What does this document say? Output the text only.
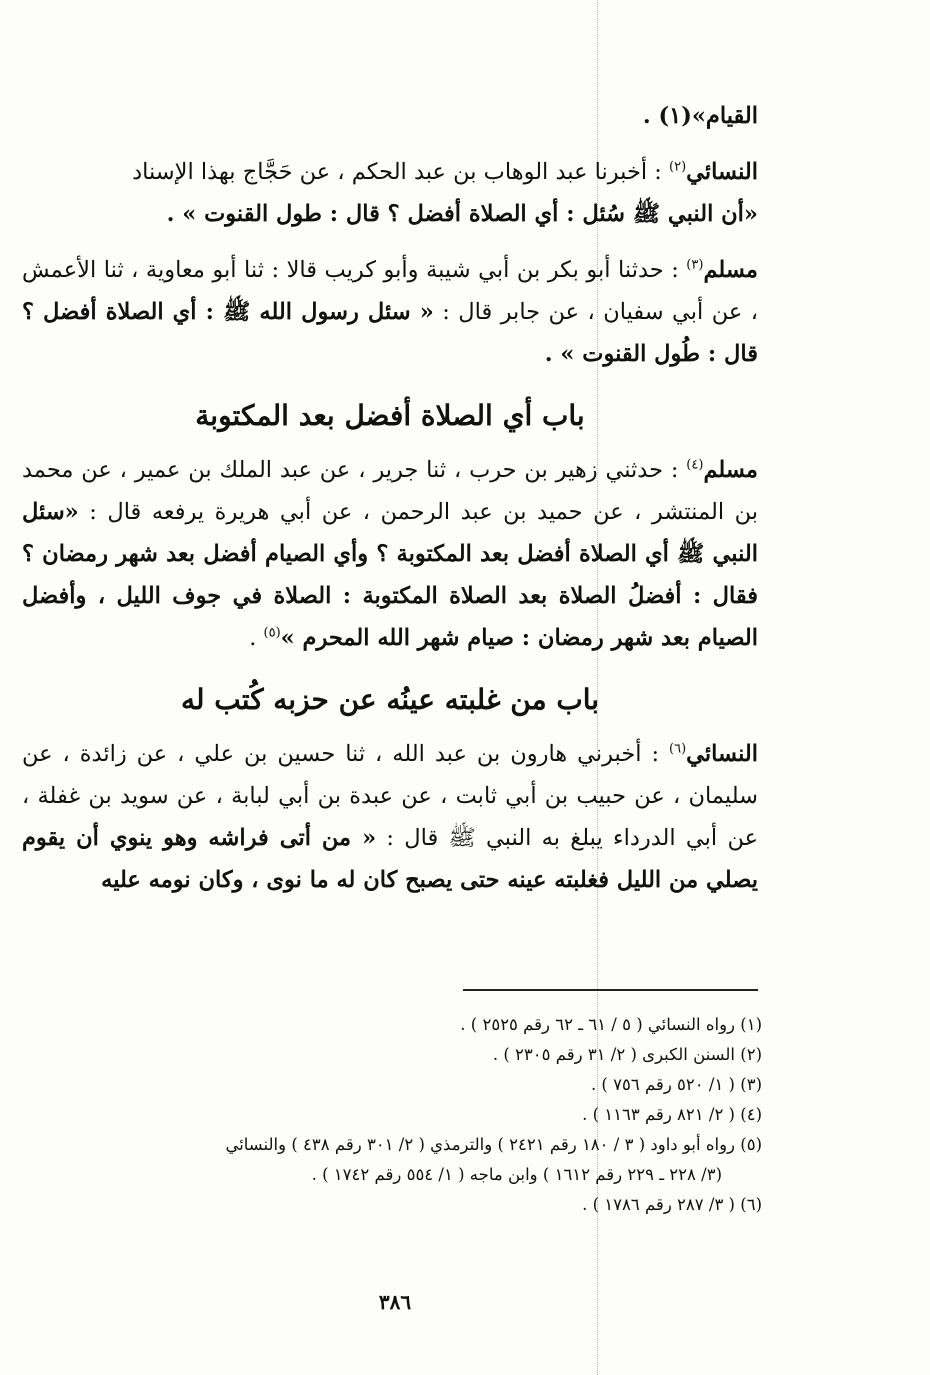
القيام»(١) .

النسائي$^{(٢)}$ : أخبرنا عبد الوهاب بن عبد الحكم ، عن حَجَّاج بهذا الإسناد
«أن النبي ﷺ سُئل : أي الصلاة أفضل ؟ قال : طول القنوت » .

مسلم$^{(٣)}$ : حدثنا أبو بكر بن أبي شيبة وأبو كريب قالا : ثنا أبو معاوية ، ثنا الأعمش ، عن أبي سفيان ، عن جابر قال : « سئل رسول الله ﷺ : أي الصلاة أفضل ؟ قال : طُول القنوت » .

باب أي الصلاة أفضل بعد المكتوبة

مسلم$^{(٤)}$ : حدثني زهير بن حرب ، ثنا جرير ، عن عبد الملك بن عمير ، عن محمد بن المنتشر ، عن حميد بن عبد الرحمن ، عن أبي هريرة يرفعه قال : «سئل النبي ﷺ أي الصلاة أفضل بعد المكتوبة ؟ وأي الصيام أفضل بعد شهر رمضان ؟ فقال : أفضلُ الصلاة بعد الصلاة المكتوبة : الصلاة في جوف الليل ، وأفضل الصيام بعد شهر رمضان : صيام شهر الله المحرم »$^{(٥)}$ .

باب من غلبته عينُه عن حزبه كُتب له

النسائي$^{(٦)}$ : أخبرني هارون بن عبد الله ، ثنا حسين بن علي ، عن زائدة ، عن سليمان ، عن حبيب بن أبي ثابت ، عن عبدة بن أبي لبابة ، عن سويد بن غفلة ، عن أبي الدرداء يبلغ به النبي ﷺ قال : « من أتى فراشه وهو ينوي أن يقوم يصلي من الليل فغلبته عينه حتى يصبح كان له ما نوى ، وكان نومه عليه

(١) رواه النسائي ( ٥ / ٦١ ـ ٦٢ رقم ٢٥٢٥ ) .
(٢) السنن الكبرى ( ٢/ ٣١ رقم ٢٣٠٥ ) .
(٣) ( ١/ ٥٢٠ رقم ٧٥٦ ) .
(٤) ( ٢/ ٨٢١ رقم ١١٦٣ ) .
(٥) رواه أبو داود ( ٣ / ١٨٠ رقم ٢٤٢١ ) والترمذي ( ٢/ ٣٠١ رقم ٤٣٨ ) والنسائي
(٣/ ٢٢٨ ـ ٢٢٩ رقم ١٦١٢ ) وابن ماجه ( ١/ ٥٥٤ رقم ١٧٤٢ ) .
(٦) ( ٣/ ٢٨٧ رقم ١٧٨٦ ) .
٣٨٦
